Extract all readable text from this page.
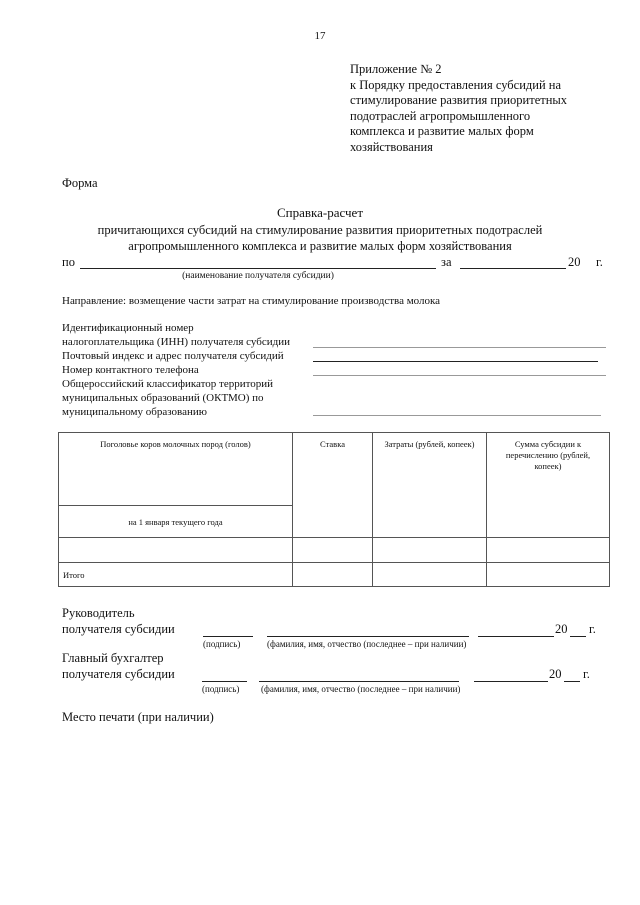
17
Приложение № 2
к Порядку предоставления субсидий на
стимулирование развития приоритетных
подотраслей агропромышленного
комплекса и развитие малых форм
хозяйствования
Форма
Справка-расчет
причитающихся субсидий на стимулирование развития приоритетных подотраслей
агропромышленного комплекса и развитие малых форм хозяйствования
по	за	20 г.
(наименование получателя субсидии)
Направление: возмещение части затрат на стимулирование производства молока
Идентификационный номер
налогоплательщика (ИНН) получателя субсидии
Почтовый индекс и адрес получателя субсидий
Номер контактного телефона
Общероссийский классификатор территорий
муниципальных образований (ОКТМО) по
муниципальному образованию
Поголовье коров молочных пород (голов)	Ставка	Затраты (рублей, копеек)	Сумма субсидии к перечислению (рублей, копеек)
на 1 января текущего года			

Итого			
Руководитель
получателя субсидии	20 г.
(подпись)	(фамилия, имя, отчество (последнее – при наличии)
Главный бухгалтер
получателя субсидии	20 г.
(подпись) (фамилия, имя, отчество (последнее – при наличии)
Место печати (при наличии)
